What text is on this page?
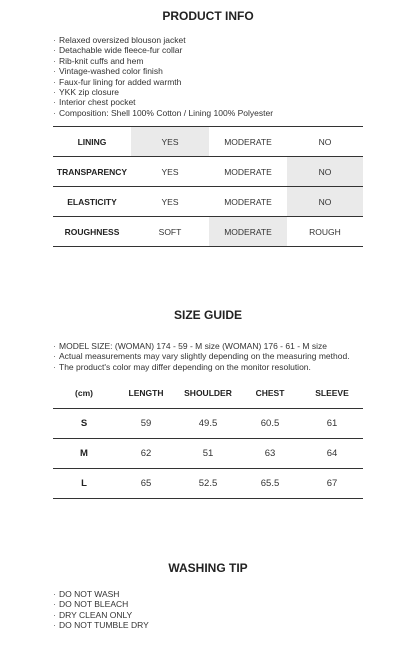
PRODUCT INFO
· Relaxed oversized blouson jacket
· Detachable wide fleece-fur collar
· Rib-knit cuffs and hem
· Vintage-washed color finish
· Faux-fur lining for added warmth
· YKK zip closure
· Interior chest pocket
· Composition: Shell 100% Cotton / Lining 100% Polyester
LINING	YES	MODERATE	NO
TRANSPARENCY	YES	MODERATE	NO
ELASTICITY	YES	MODERATE	NO
ROUGHNESS	SOFT	MODERATE	ROUGH
SIZE GUIDE
· MODEL SIZE: (WOMAN) 174 - 59 - M size (WOMAN) 176 - 61 - M size
· Actual measurements may vary slightly depending on the measuring method.
· The product's color may differ depending on the monitor resolution.
(cm)	LENGTH	SHOULDER	CHEST	SLEEVE
S	59	49.5	60.5	61
M	62	51	63	64
L	65	52.5	65.5	67
WASHING TIP
· DO NOT WASH
· DO NOT BLEACH
· DRY CLEAN ONLY
· DO NOT TUMBLE DRY
